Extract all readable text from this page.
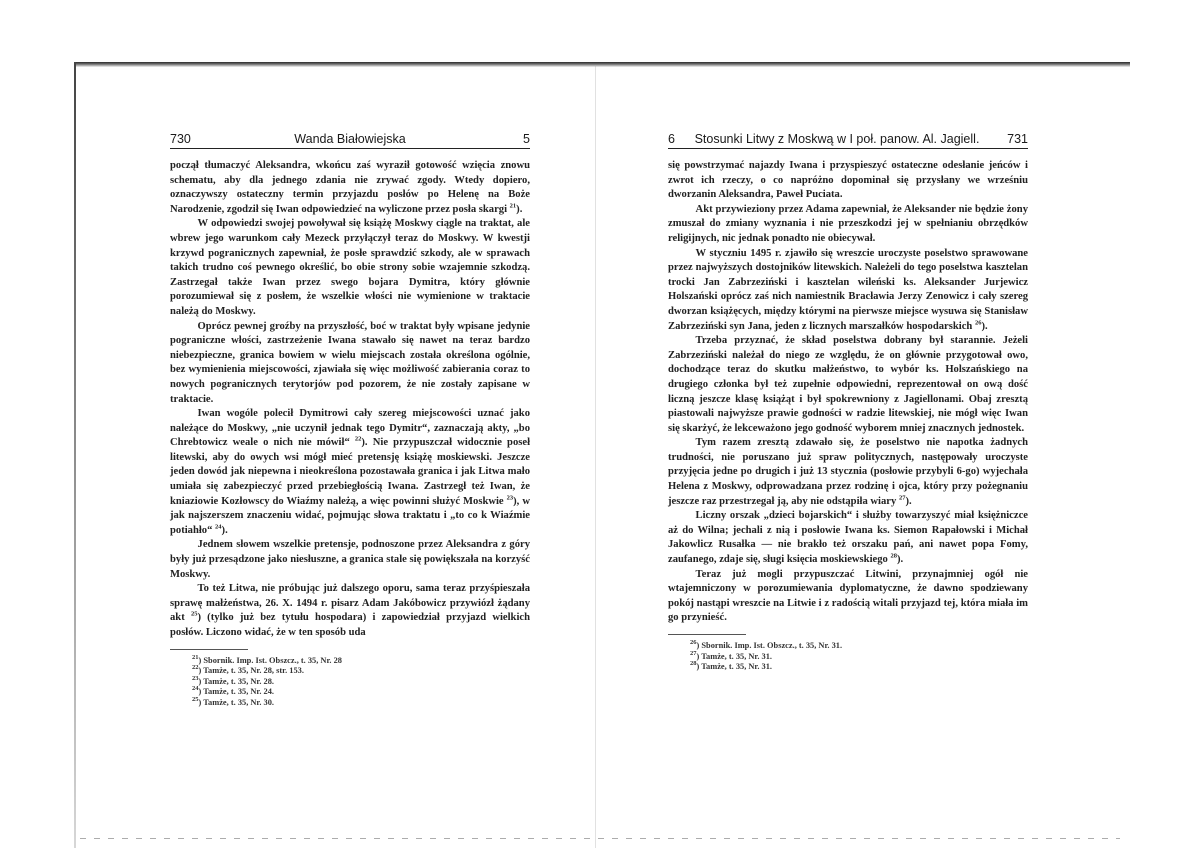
Wanda Białowiejska
730	5

począł tłumaczyć Aleksandra, wkońcu zaś wyraził gotowość wzięcia znowu schematu, aby dla jednego zdania nie zrywać zgody. Wtedy dopiero, oznaczywszy ostateczny termin przyjazdu posłów po Helenę na Boże Narodzenie, zgodził się Iwan odpowiedzieć na wyliczone przez posła skargi $^{21}$).

W odpowiedzi swojej powoływał się książę Moskwy ciągle na traktat, ale wbrew jego warunkom cały Mezeck przyłączył teraz do Moskwy. W kwestji krzywd pogranicznych zapewniał, że posłe sprawdzić szkody, ale w sprawach takich trudno coś pewnego określić, bo obie strony sobie wzajemnie szkodzą. Zastrzegał także Iwan przez swego bojara Dymitra, który głównie porozumiewał się z posłem, że wszelkie włości nie wymienione w traktacie należą do Moskwy.

Oprócz pewnej groźby na przyszłość, boć w traktat były wpisane jedynie pograniczne włości, zastrzeżenie Iwana stawało się nawet na teraz bardzo niebezpieczne, granica bowiem w wielu miejscach została określona ogólnie, bez wymienienia miejscowości, zjawiała się więc możliwość zabierania coraz to nowych pogranicznych terytorjów pod pozorem, że nie zostały zapisane w traktacie.

Iwan wogóle polecił Dymitrowi cały szereg miejscowości uznać jako należące do Moskwy, „nie uczynił jednak tego Dymitr“, zaznaczają akty, „bo Chrebtowicz weale o nich nie mówił“ $^{22}$). Nie przypuszczał widocznie poseł litewski, aby do owych wsi mógł mieć pretensję książę moskiewski. Jeszcze jeden dowód jak niepewna i nieokreślona pozostawała granica i jak Litwa mało umiała się zabezpieczyć przed przebiegłością Iwana. Zastrzegł też Iwan, że kniaziowie Kozłowscy do Wiaźmy należą, a więc powinni służyć Moskwie $^{23}$), w jak najszerszem znaczeniu widać, pojmując słowa traktatu i „to co k Wiaźmie potiahło“ $^{24}$).

Jednem słowem wszelkie pretensje, podnoszone przez Aleksandra z góry były już przesądzone jako niesłuszne, a granica stale się powiększała na korzyść Moskwy.

To też Litwa, nie próbując już dalszego oporu, sama teraz przyśpieszała sprawę małżeństwa, 26. X. 1494 r. pisarz Adam Jakóbowicz przywiózł żądany akt $^{25}$) (tylko już bez tytułu hospodara) i zapowiedział przyjazd wielkich posłów. Liczono widać, że w ten sposób uda

$^{21}$) Sbornik. Imp. Ist. Obszcz., t. 35, Nr. 28
$^{22}$) Tamże, t. 35, Nr. 28, str. 153.
$^{23}$) Tamże, t. 35, Nr. 28.
$^{24}$) Tamże, t. 35, Nr. 24.
$^{25}$) Tamże, t. 35, Nr. 30.
Stosunki Litwy z Moskwą w I poł. panow. Al. Jagiell.
6	731

się powstrzymać najazdy Iwana i przyspieszyć ostateczne odesłanie jeńców i zwrot ich rzeczy, o co napróżno dopominał się przysłany we wrześniu dworzanin Aleksandra, Paweł Puciata.

Akt przywieziony przez Adama zapewniał, że Aleksander nie będzie żony zmuszał do zmiany wyznania i nie przeszkodzi jej w spełnianiu obrzędków religijnych, nic jednak ponadto nie obiecywał.

W styczniu 1495 r. zjawiło się wreszcie uroczyste poselstwo sprawowane przez najwyższych dostojników litewskich. Należeli do tego poselstwa kasztelan trocki Jan Zabrzeziński i kasztelan wileński ks. Aleksander Jurjewicz Holszański oprócz zaś nich namiestnik Bracławia Jerzy Zenowicz i cały szereg dworzan książęcych, między którymi na pierwsze miejsce wysuwa się Stanisław Zabrzeziński syn Jana, jeden z licznych marszałków hospodarskich $^{26}$).

Trzeba przyznać, że skład poselstwa dobrany był starannie. Jeżeli Zabrzeziński należał do niego ze względu, że on głównie przygotował owo, dochodzące teraz do skutku małżeństwo, to wybór ks. Holszańskiego na drugiego członka był też zupełnie odpowiedni, reprezentował on ową dość liczną jeszcze klasę książąt i był spokrewniony z Jagiellonami. Obaj zresztą piastowali najwyższe prawie godności w radzie litewskiej, nie mógł więc Iwan się skarżyć, że lekceważono jego godność wyborem mniej znacznych jednostek.

Tym razem zresztą zdawało się, że poselstwo nie napotka żadnych trudności, nie poruszano już spraw politycznych, następowały uroczyste przyjęcia jedne po drugich i już 13 stycznia (posłowie przybyli 6-go) wyjechała Helena z Moskwy, odprowadzana przez rodzinę i ojca, który przy pożegnaniu jeszcze raz przestrzegał ją, aby nie odstąpiła wiary $^{27}$).

Liczny orszak „dzieci bojarskich“ i służby towarzyszyć miał księżniczce aż do Wilna; jechali z nią i posłowie Iwana ks. Siemon Rapałowski i Michał Jakowlicz Rusałka — nie brakło też orszaku pań, ani nawet popa Fomy, zaufanego, zdaje się, sługi księcia moskiewskiego $^{28}$).

Teraz już mogli przypuszczać Litwini, przynajmniej ogół nie wtajemniczony w porozumiewania dyplomatyczne, że dawno spodziewany pokój nastąpi wreszcie na Litwie i z radością witali przyjazd tej, która miała im go przynieść.

$^{26}$) Sbornik. Imp. Ist. Obszcz., t. 35, Nr. 31.
$^{27}$) Tamże, t. 35, Nr. 31.
$^{28}$) Tamże, t. 35, Nr. 31.
